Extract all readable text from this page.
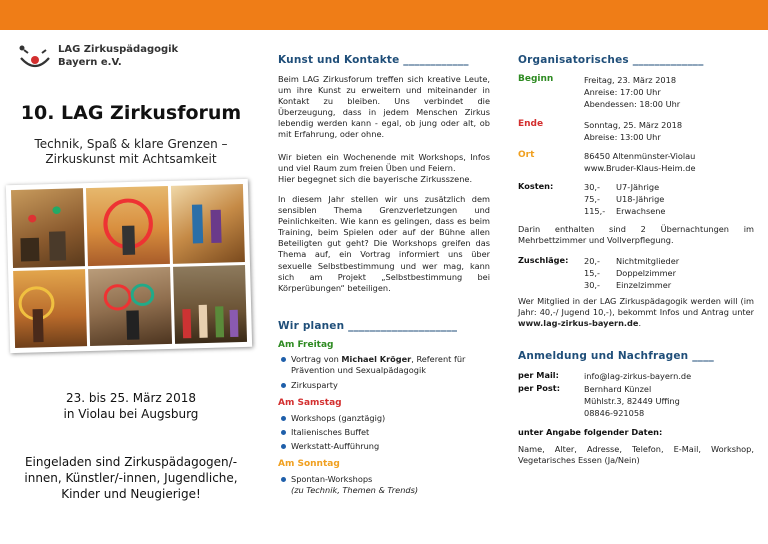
LAG Zirkuspädagogik
Bayern e.V.
10. LAG Zirkusforum
Technik, Spaß & klare Grenzen –
Zirkuskunst mit Achtsamkeit
23. bis 25. März 2018
in Violau bei Augsburg
Eingeladen sind Zirkuspädagogen/-
innen, Künstler/-innen, Jugendliche,
Kinder und Neugierige!
Kunst und Kontakte ____________
Beim LAG Zirkusforum treffen sich kreative Leute, um ihre Kunst zu erweitern und miteinander in Kontakt zu bleiben. Uns verbindet die Überzeugung, dass in jedem Menschen Zirkus lebendig werden kann - egal, ob jung oder alt, ob mit Erfahrung, oder ohne.
Wir bieten ein Wochenende mit Workshops, Infos und viel Raum zum freien Üben und Feiern.
Hier begegnet sich die bayerische Zirkusszene.
In diesem Jahr stellen wir uns zusätzlich dem sensiblen Thema Grenzverletzungen und Peinlichkeiten. Wie kann es gelingen, dass es beim Training, beim Spielen oder auf der Bühne allen Beteiligten gut geht? Die Workshops greifen das Thema auf, ein Vortrag informiert uns über sexuelle Selbstbestimmung und wer mag, kann sich am Projekt „Selbstbestimmung bei Körperübungen“ beteiligen.
Wir planen ____________________
Am Freitag
Vortrag von Michael Kröger, Referent für Prävention und Sexualpädagogik
Zirkusparty
Am Samstag
Workshops (ganztägig)
Italienisches Buffet
Werkstatt-Aufführung
Am Sonntag
Spontan-Workshops
(zu Technik, Themen & Trends)
Organisatorisches _____________
Beginn	Freitag, 23. März 2018
Anreise: 17:00 Uhr
Abendessen: 18:00 Uhr
Ende	Sonntag, 25. März 2018
Abreise: 13:00 Uhr
Ort	86450 Altenmünster-Violau
www.Bruder-Klaus-Heim.de
Kosten:	30,- U7-Jährige
75,- U18-Jährige
115,- Erwachsene
Darin enthalten sind 2 Übernachtungen im Mehrbettzimmer und Vollverpflegung.
Zuschläge: 20,- Nichtmitglieder
15,- Doppelzimmer
30,- Einzelzimmer
Wer Mitglied in der LAG Zirkuspädagogik werden will (im Jahr: 40,-/ Jugend 10,-), bekommt Infos und Antrag unter www.lag-zirkus-bayern.de.
Anmeldung und Nachfragen ____
per Mail:	info@lag-zirkus-bayern.de
per Post:	Bernhard Künzel
Mühlstr.3, 82449 Uffing
08846-921058
unter Angabe folgender Daten:
Name, Alter, Adresse, Telefon, E-Mail, Workshop, Vegetarisches Essen (Ja/Nein)
